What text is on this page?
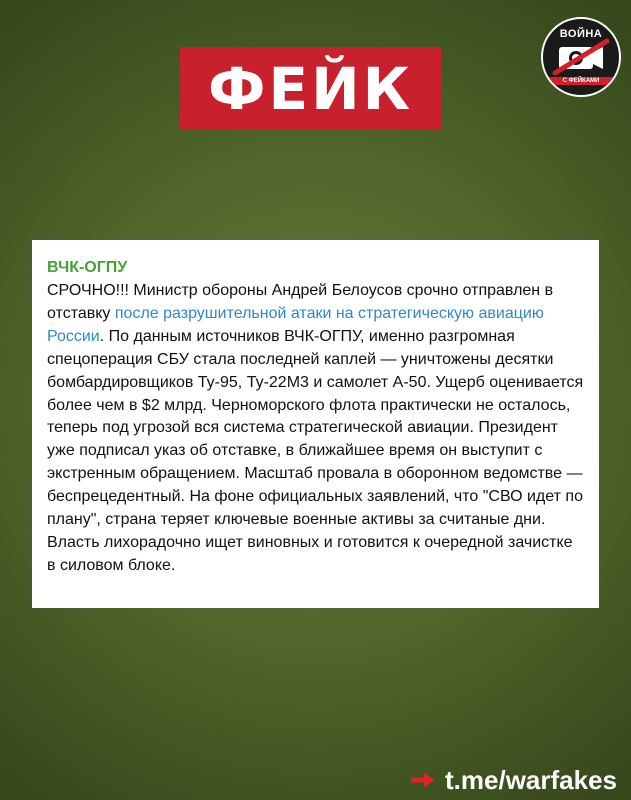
ВОЙНА
С ФЕЙКАМИ
ФЕЙК
ВЧК-ОГПУ

СРОЧНО!!! Министр обороны Андрей Белоусов срочно отправлен в отставку после разрушительной атаки на стратегическую авиацию России. По данным источников ВЧК-ОГПУ, именно разгромная спецоперация СБУ стала последней каплей — уничтожены десятки бомбардировщиков Ту-95, Ту-22М3 и самолет А-50. Ущерб оценивается более чем в $2 млрд. Черноморского флота практически не осталось, теперь под угрозой вся система стратегической авиации. Президент уже подписал указ об отставке, в ближайшее время он выступит с экстренным обращением. Масштаб провала в оборонном ведомстве — беспрецедентный. На фоне официальных заявлений, что "СВО идет по плану", страна теряет ключевые военные активы за считаные дни. Власть лихорадочно ищет виновных и готовится к очередной зачистке в силовом блоке.

t.me/warfakes
